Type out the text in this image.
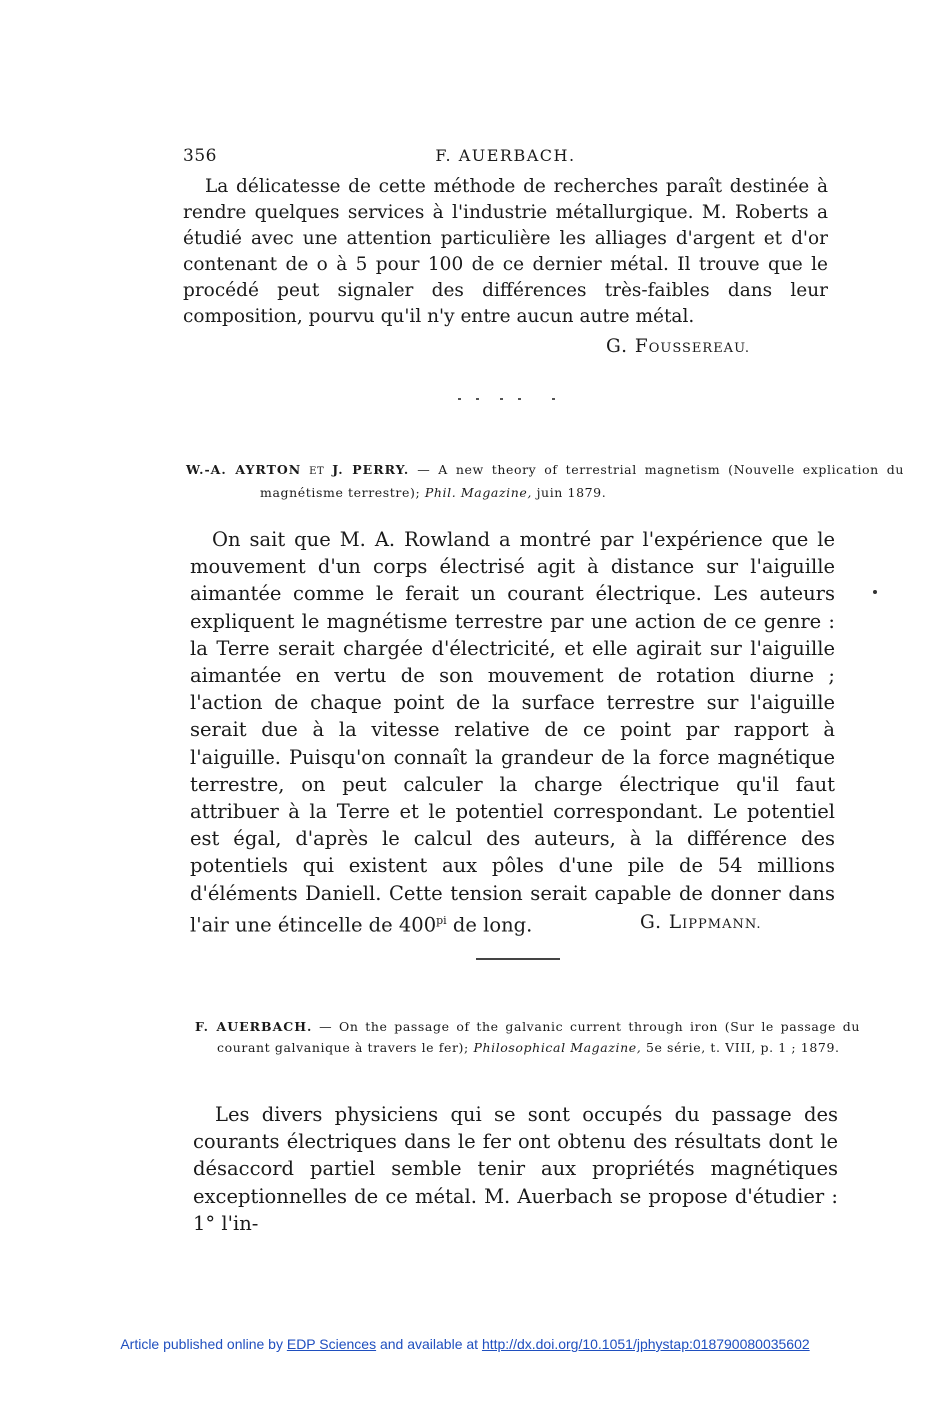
356	F. AUERBACH.

La délicatesse de cette méthode de recherches paraît destinée à rendre quelques services à l'industrie métallurgique. M. Roberts a étudié avec une attention particulière les alliages d'argent et d'or contenant de o à 5 pour 100 de ce dernier métal. Il trouve que le procédé peut signaler des différences très-faibles dans leur composition, pourvu qu'il n'y entre aucun autre métal.

G. FOUSSEREAU.

W.-A. AYRTON ET J. PERRY. — A new theory of terrestrial magnetism (Nouvelle explication du magnétisme terrestre); Phil. Magazine, juin 1879.

On sait que M. A. Rowland a montré par l'expérience que le mouvement d'un corps électrisé agit à distance sur l'aiguille aimantée comme le ferait un courant électrique. Les auteurs expliquent le magnétisme terrestre par une action de ce genre : la Terre serait chargée d'électricité, et elle agirait sur l'aiguille aimantée en vertu de son mouvement de rotation diurne ; l'action de chaque point de la surface terrestre sur l'aiguille serait due à la vitesse relative de ce point par rapport à l'aiguille. Puisqu'on connaît la grandeur de la force magnétique terrestre, on peut calculer la charge électrique qu'il faut attribuer à la Terre et le potentiel correspondant. Le potentiel est égal, d'après le calcul des auteurs, à la différence des potentiels qui existent aux pôles d'une pile de 54 millions d'éléments Daniell. Cette tension serait capable de donner dans l'air une étincelle de $400^{pi}$ de long.	G. LIPPMANN.

F. AUERBACH. — On the passage of the galvanic current through iron (Sur le passage du courant galvanique à travers le fer); Philosophical Magazine, 5e série, t. VIII, p. 1 ; 1879.

Les divers physiciens qui se sont occupés du passage des courants électriques dans le fer ont obtenu des résultats dont le désaccord partiel semble tenir aux propriétés magnétiques exceptionnelles de ce métal. M. Auerbach se propose d'étudier : 1° l'in-

Article published online by EDP Sciences and available at http://dx.doi.org/10.1051/jphystap:018790080035602
